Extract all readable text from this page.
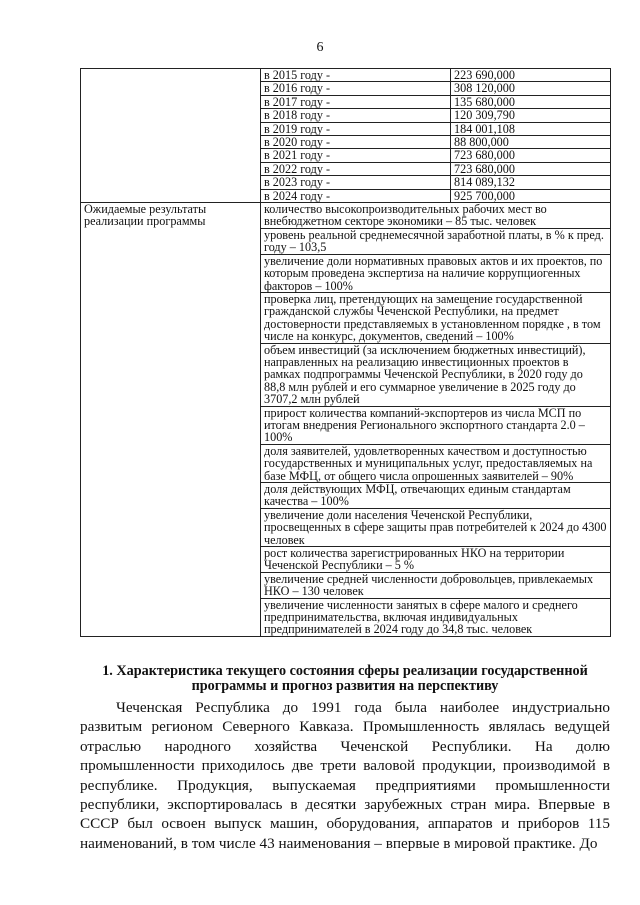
6
	в 2015 году -	223 690,000
	в 2016 году -	308 120,000
	в 2017 году -	135 680,000
	в 2018 году -	120 309,790
	в 2019 году -	184 001,108
	в 2020 году -	88 800,000
	в 2021 году -	723 680,000
	в 2022 году -	723 680,000
	в 2023 году -	814 089,132
	в 2024 году -	925 700,000
Ожидаемые результаты реализации программы	количество высокопроизводительных рабочих мест во внебюджетном секторе экономики – 85 тыс. человек	
	уровень реальной среднемесячной заработной платы, в % к пред. году – 103,5	
	увеличение доли нормативных правовых актов и их проектов, по которым проведена экспертиза на наличие коррупциогенных факторов – 100%	
	проверка лиц, претендующих на замещение государственной гражданской службы Чеченской Республики, на предмет достоверности представляемых в установленном порядке , в том числе на конкурс, документов, сведений – 100%	
	объем инвестиций (за исключением бюджетных инвестиций), направленных на реализацию инвестиционных проектов в рамках подпрограммы Чеченской Республики, в 2020 году до 88,8 млн рублей и его суммарное увеличение в 2025 году до 3707,2 млн рублей	
	прирост количества компаний-экспортеров из числа МСП по итогам внедрения Регионального экспортного стандарта 2.0 – 100%	
	доля заявителей, удовлетворенных качеством и доступностью государственных и муниципальных услуг, предоставляемых на базе МФЦ, от общего числа опрошенных заявителей – 90%	
	доля действующих МФЦ, отвечающих единым стандартам качества – 100%	
	увеличение доли населения Чеченской Республики, просвещенных в сфере защиты прав потребителей к 2024 до 4300 человек	
	рост количества зарегистрированных НКО на территории Чеченской Республики – 5 %	
	увеличение средней численности добровольцев, привлекаемых НКО – 130 человек	
	увеличение численности занятых в сфере малого и среднего предпринимательства, включая индивидуальных предпринимателей в 2024 году до 34,8 тыс. человек	
1. Характеристика текущего состояния сферы реализации государственной программы и прогноз развития на перспективу

Чеченская Республика до 1991 года была наиболее индустриально развитым регионом Северного Кавказа. Промышленность являлась ведущей отраслью народного хозяйства Чеченской Республики. На долю промышленности приходилось две трети валовой продукции, производимой в республике. Продукция, выпускаемая предприятиями промышленности республики, экспортировалась в десятки зарубежных стран мира. Впервые в СССР был освоен выпуск машин, оборудования, аппаратов и приборов 115 наименований, в том числе 43 наименования – впервые в мировой практике. До
